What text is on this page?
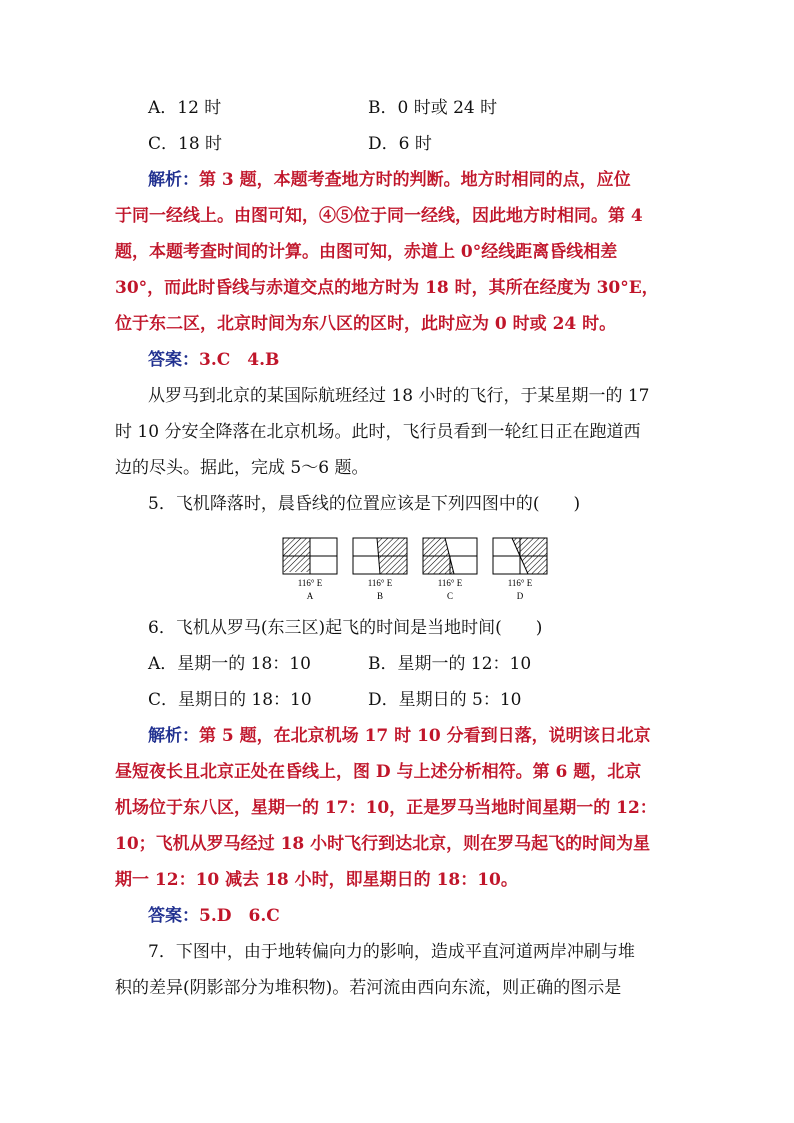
A．12 时	B．0 时或 24 时
C．18 时	D．6 时
解析：第 3 题，本题考查地方时的判断。地方时相同的点，应位
于同一经线上。由图可知，④⑤位于同一经线，因此地方时相同。第 4
题，本题考查时间的计算。由图可知，赤道上 0°经线距离昏线相差
30°，而此时昏线与赤道交点的地方时为 18 时，其所在经度为 30°E，
位于东二区，北京时间为东八区的区时，此时应为 0 时或 24 时。
答案：3.C　4.B
从罗马到北京的某国际航班经过 18 小时的飞行，于某星期一的 17
时 10 分安全降落在北京机场。此时，飞行员看到一轮红日正在跑道西
边的尽头。据此，完成 5～6 题。
5．飞机降落时，晨昏线的位置应该是下列四图中的(　　)
116° E
A
116° E
B
116° E
C
116° E
D
6．飞机从罗马(东三区)起飞的时间是当地时间(　　)
A．星期一的 18：10	B．星期一的 12：10
C．星期日的 18：10	D．星期日的 5：10
解析：第 5 题，在北京机场 17 时 10 分看到日落，说明该日北京
昼短夜长且北京正处在昏线上，图 D 与上述分析相符。第 6 题，北京
机场位于东八区，星期一的 17：10，正是罗马当地时间星期一的 12：
10；飞机从罗马经过 18 小时飞行到达北京，则在罗马起飞的时间为星
期一 12：10 减去 18 小时，即星期日的 18：10。
答案：5.D　6.C
7．下图中，由于地转偏向力的影响，造成平直河道两岸冲刷与堆
积的差异(阴影部分为堆积物)。若河流由西向东流，则正确的图示是
